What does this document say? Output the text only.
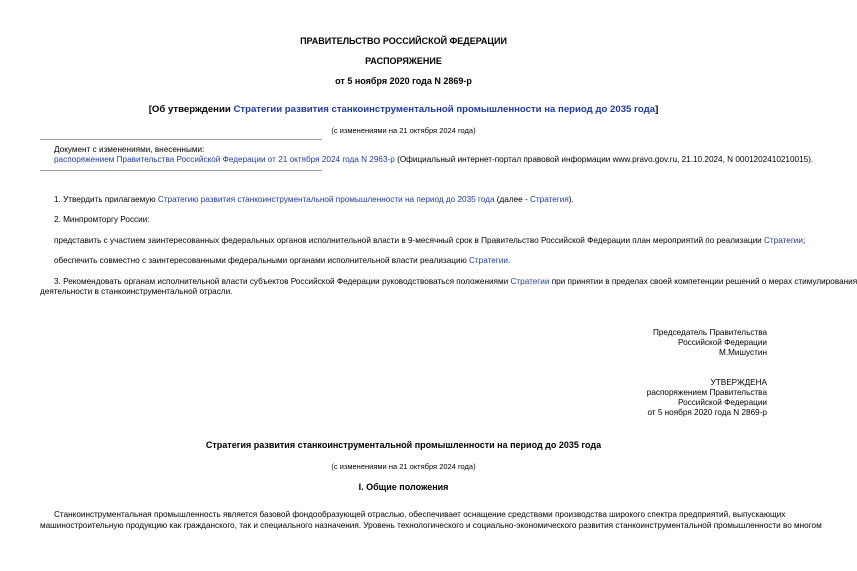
ПРАВИТЕЛЬСТВО РОССИЙСКОЙ ФЕДЕРАЦИИ
РАСПОРЯЖЕНИЕ
от 5 ноября 2020 года N 2869-р
[Об утверждении Стратегии развития станкоинструментальной промышленности на период до 2035 года]
(с изменениями на 21 октября 2024 года)
Документ с изменениями, внесенными:
распоряжением Правительства Российской Федерации от 21 октября 2024 года N 2963-р (Официальный интернет-портал правовой информации www.pravo.gov.ru, 21.10.2024, N 0001202410210015).
1. Утвердить прилагаемую Стратегию развития станкоинструментальной промышленности на период до 2035 года (далее - Стратегия).
2. Минпромторгу России:
представить с участием заинтересованных федеральных органов исполнительной власти в 9-месячный срок в Правительство Российской Федерации план мероприятий по реализации Стратегии;
обеспечить совместно с заинтересованными федеральными органами исполнительной власти реализацию Стратегии.
3. Рекомендовать органам исполнительной власти субъектов Российской Федерации руководствоваться положениями Стратегии при принятии в пределах своей компетенции решений о мерах стимулирования
деятельности в станкоинструментальной отрасли.
Председатель Правительства
Российской Федерации
М.Мишустин
УТВЕРЖДЕНА
распоряжением Правительства
Российской Федерации
от 5 ноября 2020 года N 2869-р
Стратегия развития станкоинструментальной промышленности на период до 2035 года
(с изменениями на 21 октября 2024 года)
I. Общие положения
Станкоинструментальная промышленность является базовой фондообразующей отраслью, обеспечивает оснащение средствами производства широкого спектра предприятий, выпускающих
машиностроительную продукцию как гражданского, так и специального назначения. Уровень технологического и социально-экономического развития станкоинструментальной промышленности во многом
